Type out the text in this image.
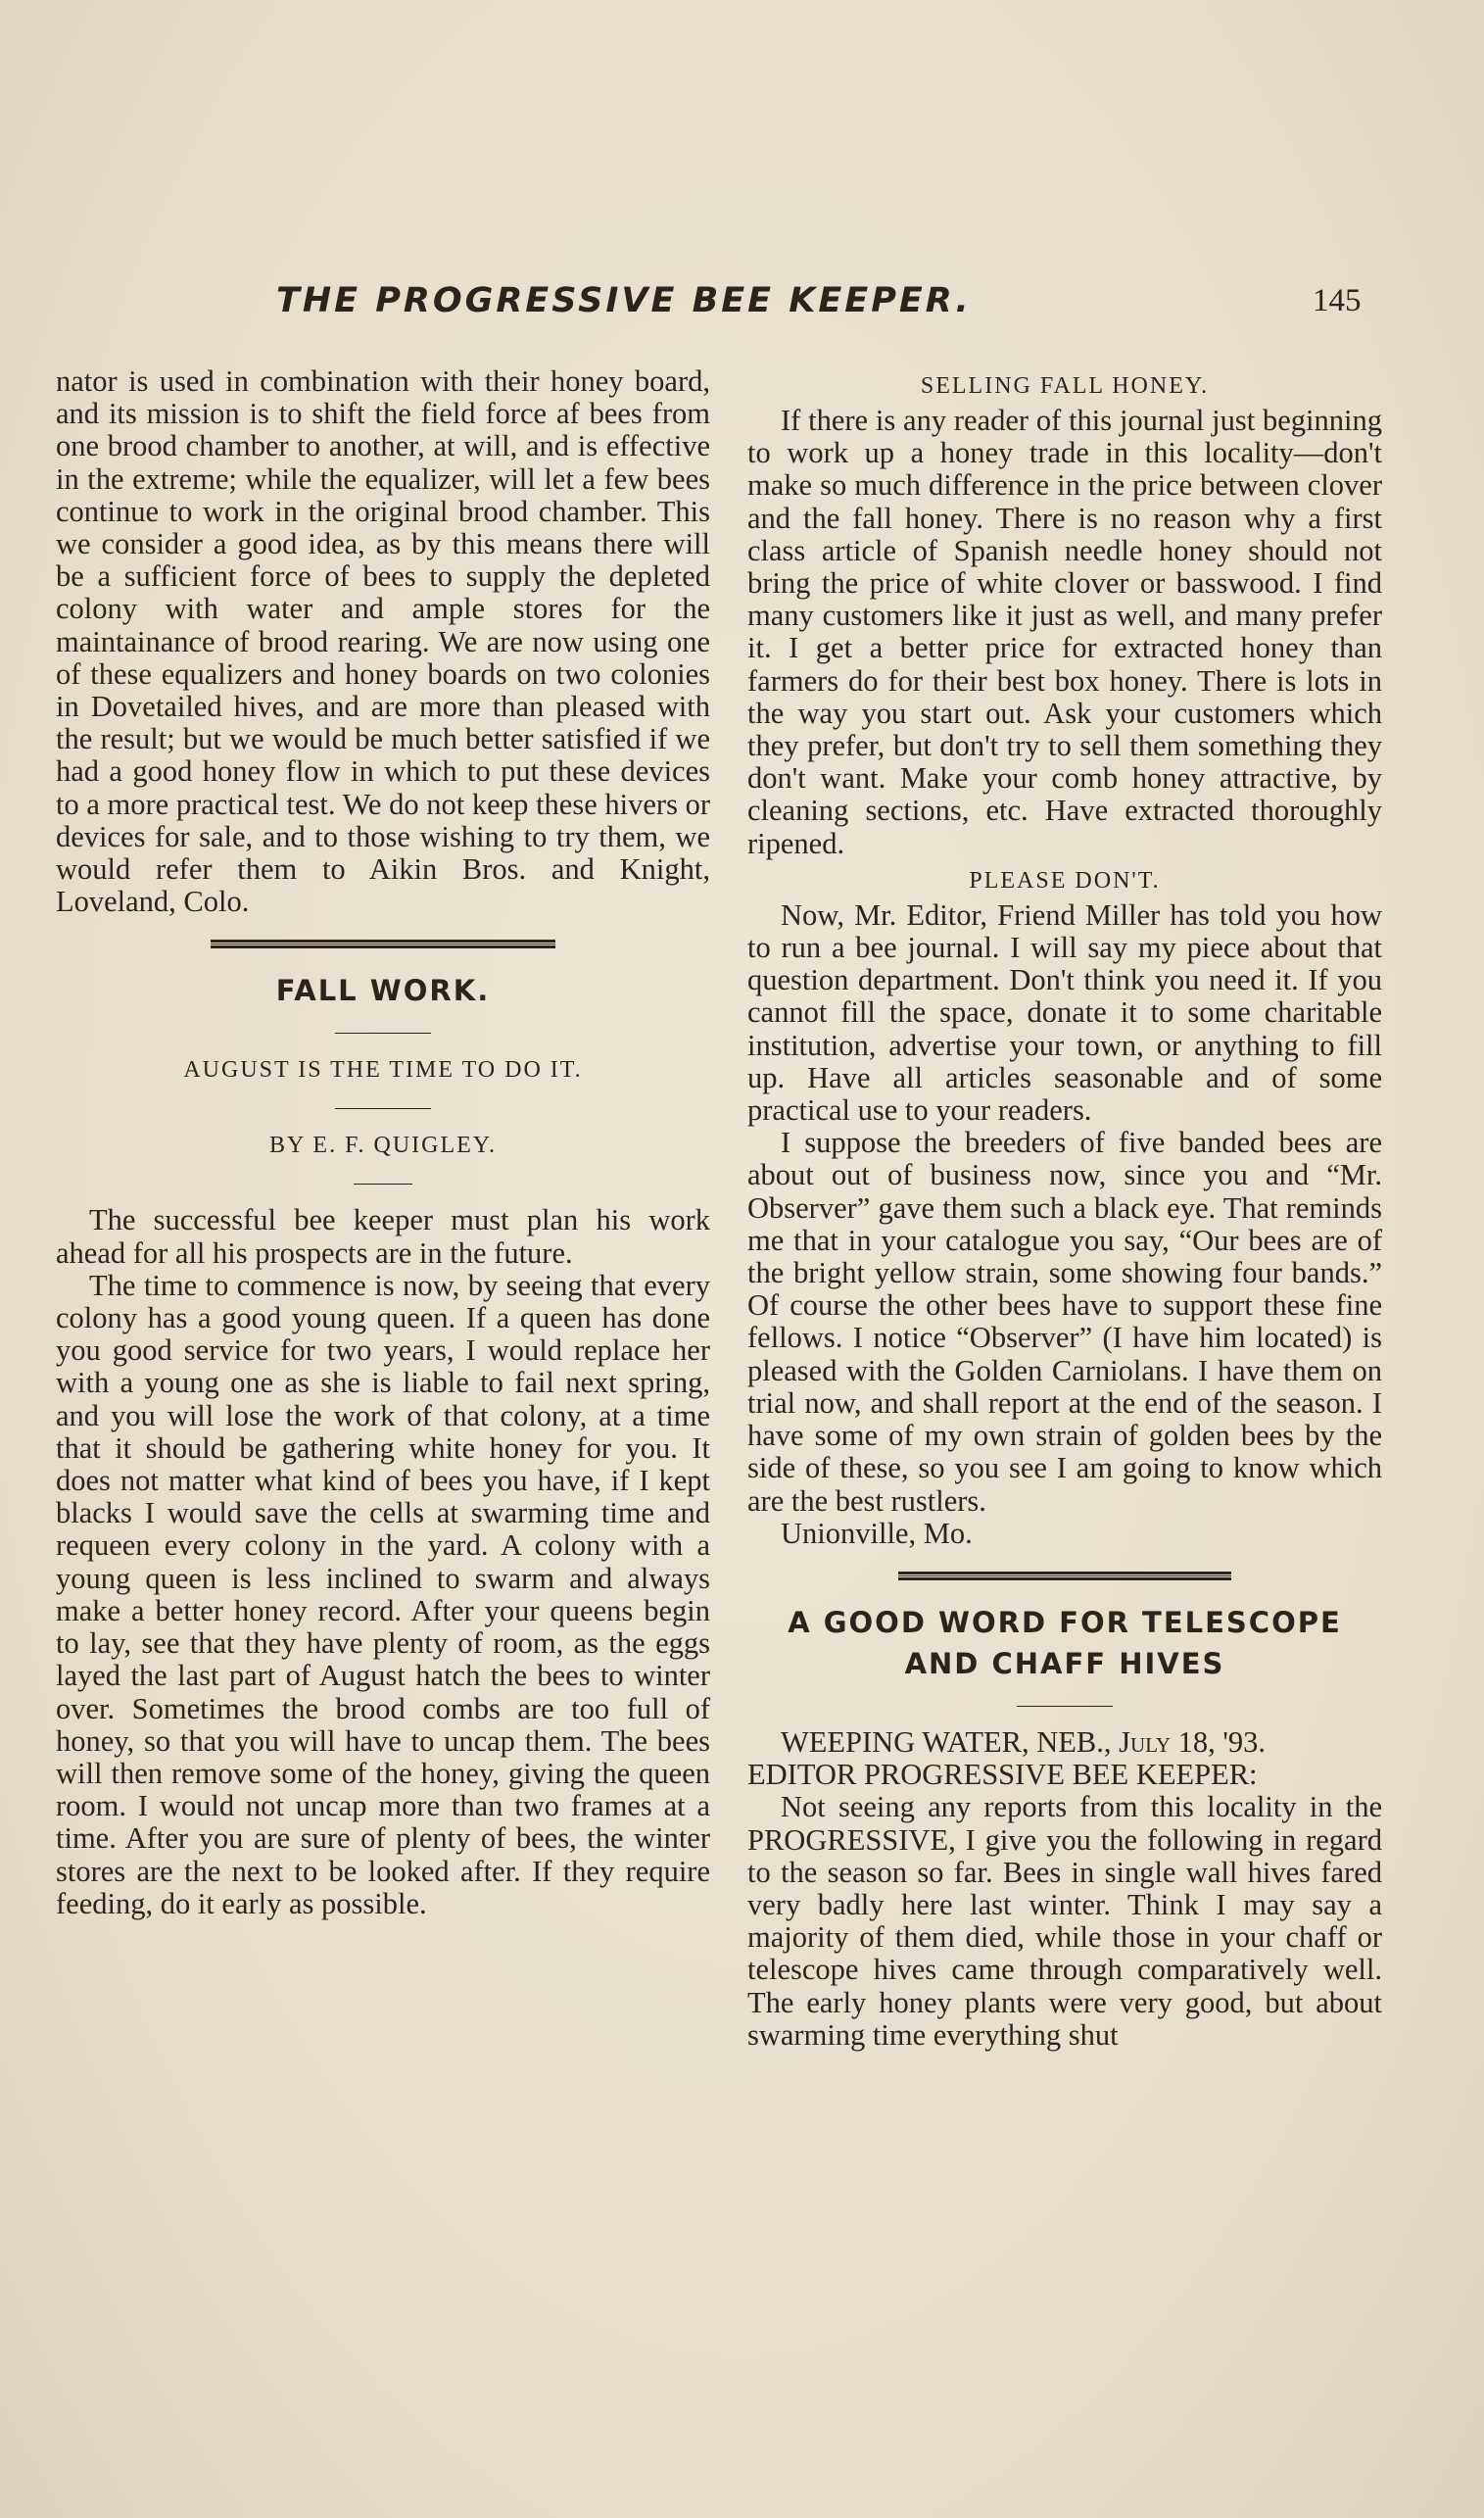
THE PROGRESSIVE BEE KEEPER.	145

nator is used in combination with their honey board, and its mission is to shift the field force af bees from one brood chamber to another, at will, and is effective in the extreme; while the equalizer, will let a few bees continue to work in the original brood chamber. This we consider a good idea, as by this means there will be a sufficient force of bees to supply the depleted colony with water and ample stores for the maintainance of brood rearing. We are now using one of these equalizers and honey boards on two colonies in Dovetailed hives, and are more than pleased with the result; but we would be much better satisfied if we had a good honey flow in which to put these devices to a more practical test. We do not keep these hivers or devices for sale, and to those wishing to try them, we would refer them to Aikin Bros. and Knight, Loveland, Colo.

FALL WORK.
AUGUST IS THE TIME TO DO IT.
BY E. F. QUIGLEY.

The successful bee keeper must plan his work ahead for all his prospects are in the future.

The time to commence is now, by seeing that every colony has a good young queen. If a queen has done you good service for two years, I would replace her with a young one as she is liable to fail next spring, and you will lose the work of that colony, at a time that it should be gathering white honey for you. It does not matter what kind of bees you have, if I kept blacks I would save the cells at swarming time and requeen every colony in the yard. A colony with a young queen is less inclined to swarm and always make a better honey record. After your queens begin to lay, see that they have plenty of room, as the eggs layed the last part of August hatch the bees to winter over. Sometimes the brood combs are too full of honey, so that you will have to uncap them. The bees will then remove some of the honey, giving the queen room. I would not uncap more than two frames at a time. After you are sure of plenty of bees, the winter stores are the next to be looked after. If they require feeding, do it early as possible.

SELLING FALL HONEY.

If there is any reader of this journal just beginning to work up a honey trade in this locality—don't make so much difference in the price between clover and the fall honey. There is no reason why a first class article of Spanish needle honey should not bring the price of white clover or basswood. I find many customers like it just as well, and many prefer it. I get a better price for extracted honey than farmers do for their best box honey. There is lots in the way you start out. Ask your customers which they prefer, but don't try to sell them something they don't want. Make your comb honey attractive, by cleaning sections, etc. Have extracted thoroughly ripened.

PLEASE DON'T.

Now, Mr. Editor, Friend Miller has told you how to run a bee journal. I will say my piece about that question department. Don't think you need it. If you cannot fill the space, donate it to some charitable institution, advertise your town, or anything to fill up. Have all articles seasonable and of some practical use to your readers.

I suppose the breeders of five banded bees are about out of business now, since you and “Mr. Observer” gave them such a black eye. That reminds me that in your catalogue you say, “Our bees are of the bright yellow strain, some showing four bands.” Of course the other bees have to support these fine fellows. I notice “Observer” (I have him located) is pleased with the Golden Carniolans. I have them on trial now, and shall report at the end of the season. I have some of my own strain of golden bees by the side of these, so you see I am going to know which are the best rustlers.

Unionville, Mo.

A GOOD WORD FOR TELESCOPE
AND CHAFF HIVES

WEEPING WATER, NEB., July 18, '93.

EDITOR PROGRESSIVE BEE KEEPER:

Not seeing any reports from this locality in the PROGRESSIVE, I give you the following in regard to the season so far. Bees in single wall hives fared very badly here last winter. Think I may say a majority of them died, while those in your chaff or telescope hives came through comparatively well. The early honey plants were very good, but about swarming time everything shut
